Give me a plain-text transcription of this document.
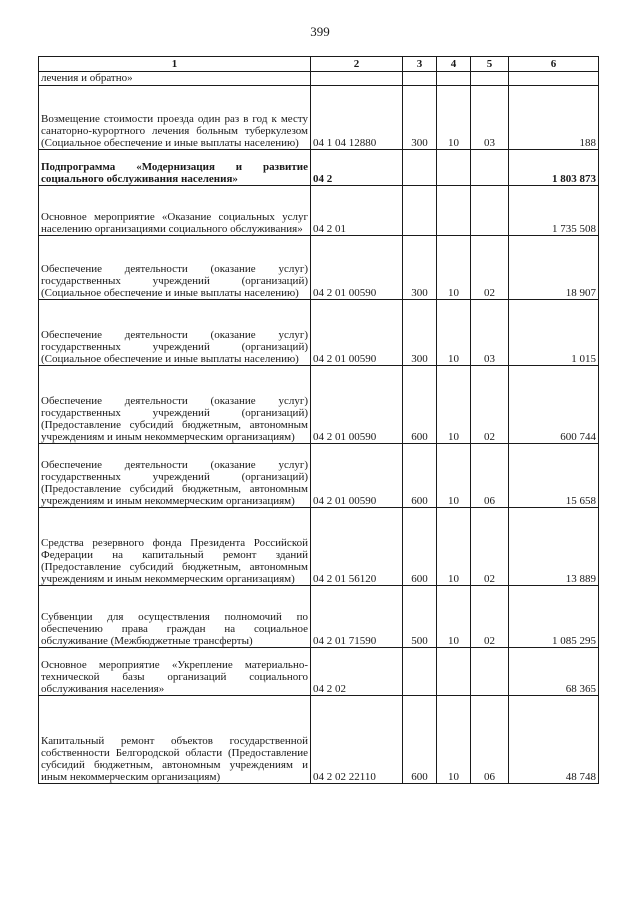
399
1	2	3	4	5	6
лечения и обратно»					
Возмещение стоимости проезда один раз в год к месту санаторно-курортного лечения больным туберкулезом (Социальное обеспечение и иные выплаты населению)	04 1 04 12880	300	10	03	188
Подпрограмма «Модернизация и развитие социального обслуживания населения»	04 2				1 803 873
Основное мероприятие «Оказание социальных услуг населению организациями социального обслуживания»	04 2 01				1 735 508
Обеспечение деятельности (оказание услуг) государственных учреждений (организаций) (Социальное обеспечение и иные выплаты населению)	04 2 01 00590	300	10	02	18 907
Обеспечение деятельности (оказание услуг) государственных учреждений (организаций) (Социальное обеспечение и иные выплаты населению)	04 2 01 00590	300	10	03	1 015
Обеспечение деятельности (оказание услуг) государственных учреждений (организаций) (Предоставление субсидий бюджетным, автономным учреждениям и иным некоммерческим организациям)	04 2 01 00590	600	10	02	600 744
Обеспечение деятельности (оказание услуг) государственных учреждений (организаций) (Предоставление субсидий бюджетным, автономным учреждениям и иным некоммерческим организациям)	04 2 01 00590	600	10	06	15 658
Средства резервного фонда Президента Российской Федерации на капитальный ремонт зданий (Предоставление субсидий бюджетным, автономным учреждениям и иным некоммерческим организациям)	04 2 01 56120	600	10	02	13 889
Субвенции для осуществления полномочий по обеспечению права граждан на социальное обслуживание (Межбюджетные трансферты)	04 2 01 71590	500	10	02	1 085 295
Основное мероприятие «Укрепление материально-технической базы организаций социального обслуживания населения»	04 2 02				68 365
Капитальный ремонт объектов государственной собственности Белгородской области (Предоставление субсидий бюджетным, автономным учреждениям и иным некоммерческим организациям)	04 2 02 22110	600	10	06	48 748
